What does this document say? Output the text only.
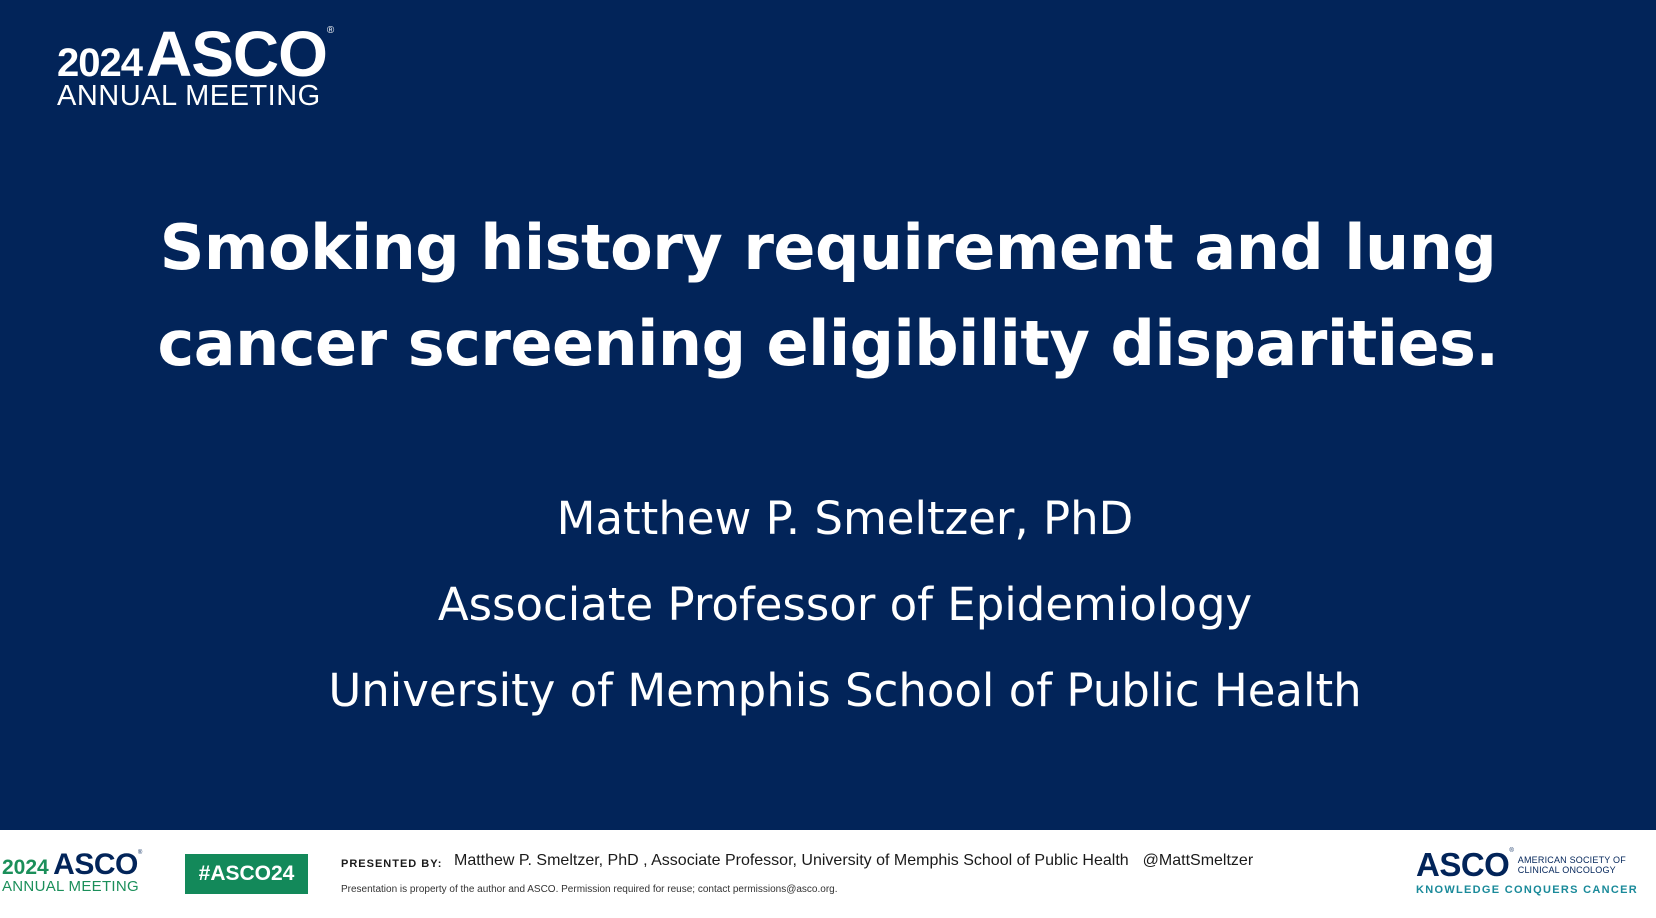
2024ASCO®
ANNUAL MEETING
Smoking history requirement and lung
cancer screening eligibility disparities.
Matthew P. Smeltzer, PhD
Associate Professor of Epidemiology
University of Memphis School of Public Health
2024 ASCO®
ANNUAL MEETING
#ASCO24	PRESENTED BY: Matthew P. Smeltzer, PhD , Associate Professor, University of Memphis School of Public Health @MattSmeltzer
Presentation is property of the author and ASCO. Permission required for reuse; contact permissions@asco.org.
ASCO®AMERICAN SOCIETY OF
CLINICAL ONCOLOGY
KNOWLEDGE CONQUERS CANCER
